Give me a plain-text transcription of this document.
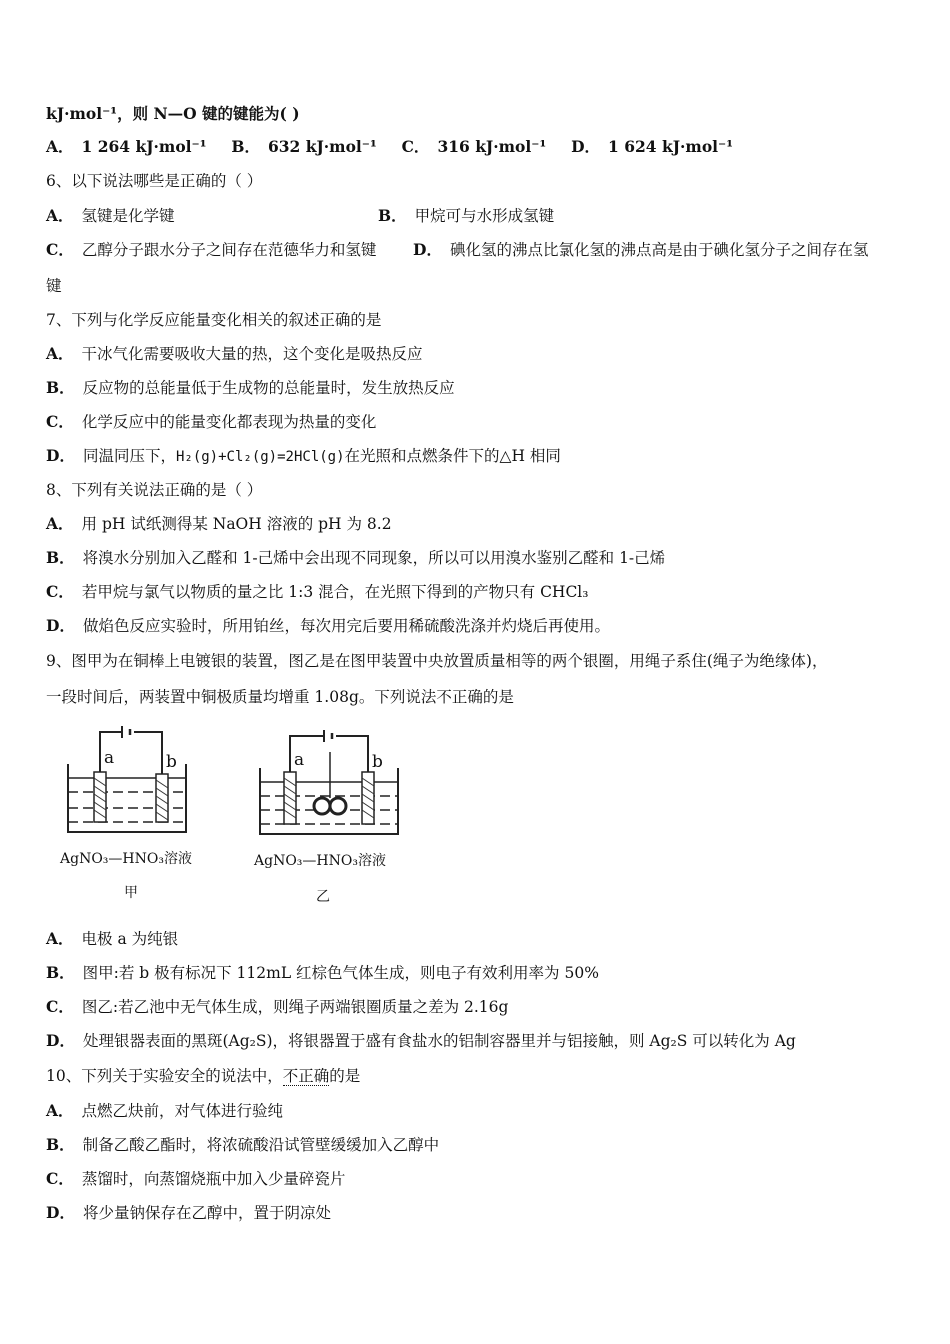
kJ·mol⁻¹，则 N—O 键的键能为( )
A． 1 264 kJ·mol⁻¹ B． 632 kJ·mol⁻¹ C． 316 kJ·mol⁻¹ D． 1 624 kJ·mol⁻¹
6、以下说法哪些是正确的（ ）
A． 氢键是化学键	B． 甲烷可与水形成氢键
C． 乙醇分子跟水分子之间存在范德华力和氢键 D． 碘化氢的沸点比氯化氢的沸点高是由于碘化氢分子之间存在氢
键
7、下列与化学反应能量变化相关的叙述正确的是
A． 干冰气化需要吸收大量的热，这个变化是吸热反应
B． 反应物的总能量低于生成物的总能量时，发生放热反应
C． 化学反应中的能量变化都表现为热量的变化
D． 同温同压下，H₂(g)+Cl₂(g)=2HCl(g)在光照和点燃条件下的△H 相同
8、下列有关说法正确的是（ ）
A． 用 pH 试纸测得某 NaOH 溶液的 pH 为 8.2
B． 将溴水分别加入乙醛和 1-己烯中会出现不同现象，所以可以用溴水鉴别乙醛和 1-己烯
C． 若甲烷与氯气以物质的量之比 1:3 混合，在光照下得到的产物只有 CHCl₃
D． 做焰色反应实验时，所用铂丝，每次用完后要用稀硫酸洗涤并灼烧后再使用。
9、图甲为在铜棒上电镀银的装置，图乙是在图甲装置中央放置质量相等的两个银圈，用绳子系住(绳子为绝缘体)，
一段时间后，两装置中铜极质量均增重 1.08g。下列说法不正确的是
a	b
AgNO₃—HNO₃溶液
甲
a	b
AgNO₃—HNO₃溶液
乙
A． 电极 a 为纯银
B． 图甲:若 b 极有标况下 112mL 红棕色气体生成，则电子有效利用率为 50%
C． 图乙:若乙池中无气体生成，则绳子两端银圈质量之差为 2.16g
D． 处理银器表面的黑斑(Ag₂S)，将银器置于盛有食盐水的铝制容器里并与铝接触，则 Ag₂S 可以转化为 Ag
10、下列关于实验安全的说法中，不正确的是
A． 点燃乙炔前，对气体进行验纯
B． 制备乙酸乙酯时，将浓硫酸沿试管壁缓缓加入乙醇中
C． 蒸馏时，向蒸馏烧瓶中加入少量碎瓷片
D． 将少量钠保存在乙醇中，置于阴凉处
